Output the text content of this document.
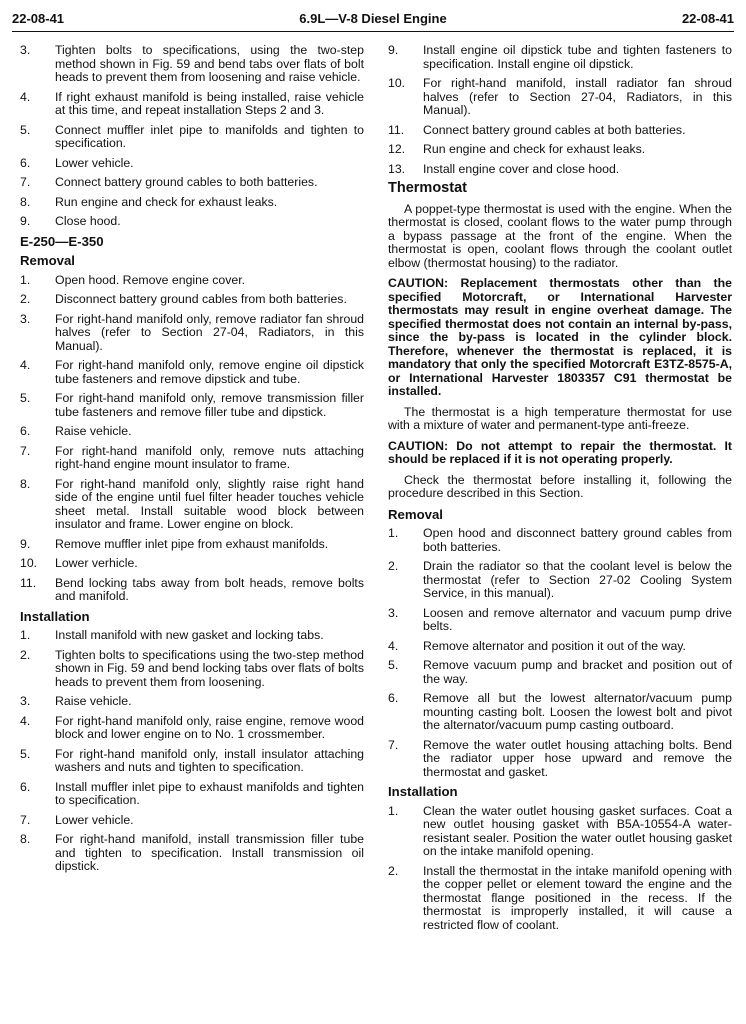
22-08-41	6.9L—V-8 Diesel Engine	22-08-41
3. Tighten bolts to specifications, using the two-step method shown in Fig. 59 and bend tabs over flats of bolt heads to prevent them from loosening and raise vehicle.
4. If right exhaust manifold is being installed, raise vehicle at this time, and repeat installation Steps 2 and 3.
5. Connect muffler inlet pipe to manifolds and tighten to specification.
6. Lower vehicle.
7. Connect battery ground cables to both batteries.
8. Run engine and check for exhaust leaks.
9. Close hood.
E-250—E-350
Removal
1. Open hood. Remove engine cover.
2. Disconnect battery ground cables from both batteries.
3. For right-hand manifold only, remove radiator fan shroud halves (refer to Section 27-04, Radiators, in this Manual).
4. For right-hand manifold only, remove engine oil dipstick tube fasteners and remove dipstick and tube.
5. For right-hand manifold only, remove transmission filler tube fasteners and remove filler tube and dipstick.
6. Raise vehicle.
7. For right-hand manifold only, remove nuts attaching right-hand engine mount insulator to frame.
8. For right-hand manifold only, slightly raise right hand side of the engine until fuel filter header touches vehicle sheet metal. Install suitable wood block between insulator and frame. Lower engine on block.
9. Remove muffler inlet pipe from exhaust manifolds.
10. Lower verhicle.
11. Bend locking tabs away from bolt heads, remove bolts and manifold.
Installation
1. Install manifold with new gasket and locking tabs.
2. Tighten bolts to specifications using the two-step method shown in Fig. 59 and bend locking tabs over flats of bolts heads to prevent them from loosening.
3. Raise vehicle.
4. For right-hand manifold only, raise engine, remove wood block and lower engine on to No. 1 crossmember.
5. For right-hand manifold only, install insulator attaching washers and nuts and tighten to specification.
6. Install muffler inlet pipe to exhaust manifolds and tighten to specification.
7. Lower vehicle.
8. For right-hand manifold, install transmission filler tube and tighten to specification. Install transmission oil dipstick.
9. Install engine oil dipstick tube and tighten fasteners to specification. Install engine oil dipstick.
10. For right-hand manifold, install radiator fan shroud halves (refer to Section 27-04, Radiators, in this Manual).
11. Connect battery ground cables at both batteries.
12. Run engine and check for exhaust leaks.
13. Install engine cover and close hood.
Thermostat

A poppet-type thermostat is used with the engine. When the thermostat is closed, coolant flows to the water pump through a bypass passage at the front of the engine. When the thermostat is open, coolant flows through the coolant outlet elbow (thermostat housing) to the radiator.

CAUTION: Replacement thermostats other than the specified Motorcraft, or International Harvester thermostats may result in engine overheat damage. The specified thermostat does not contain an internal by-pass, since the by-pass is located in the cylinder block. Therefore, whenever the thermostat is replaced, it is mandatory that only the specified Motorcraft E3TZ-8575-A, or International Harvester 1803357 C91 thermostat be installed.

The thermostat is a high temperature thermostat for use with a mixture of water and permanent-type anti-freeze.

CAUTION: Do not attempt to repair the thermostat. It should be replaced if it is not operating properly.

Check the thermostat before installing it, following the procedure described in this Section.

Removal
1. Open hood and disconnect battery ground cables from both batteries.
2. Drain the radiator so that the coolant level is below the thermostat (refer to Section 27-02 Cooling System Service, in this manual).
3. Loosen and remove alternator and vacuum pump drive belts.
4. Remove alternator and position it out of the way.
5. Remove vacuum pump and bracket and position out of the way.
6. Remove all but the lowest alternator/vacuum pump mounting casting bolt. Loosen the lowest bolt and pivot the alternator/vacuum pump casting outboard.
7. Remove the water outlet housing attaching bolts. Bend the radiator upper hose upward and remove the thermostat and gasket.
Installation
1. Clean the water outlet housing gasket surfaces. Coat a new outlet housing gasket with B5A-10554-A water-resistant sealer. Position the water outlet housing gasket on the intake manifold opening.
2. Install the thermostat in the intake manifold opening with the copper pellet or element toward the engine and the thermostat flange positioned in the recess. If the thermostat is improperly installed, it will cause a restricted flow of coolant.
